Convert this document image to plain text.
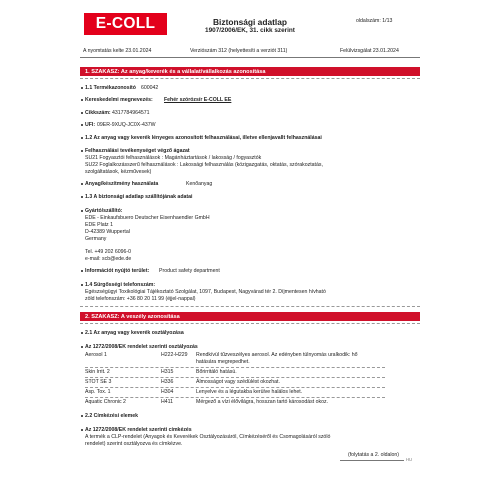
E-COLL	Biztonsági adatlap
1907/2006/EK, 31. cikk szerint
oldalszám: 1/13
A nyomtatás kelte 23.01.2024	Verziószám 312 (helyettesíti a verziót 311)	Felülvizsgálat 23.01.2024
1. SZAKASZ: Az anyag/keverék és a vállalat/vállalkozás azonosítása
1.1 Termékazonosító 600042
Kereskedelmi megnevezés: Fehér szórózsír E-COLL EE
Cikkszám: 4317784964571
UFI: 09ER-9XUQ-JC0X-437W
1.2 Az anyag vagy keverék lényeges azonosított felhasználásai, illetve ellenjavallt felhasználásai
Felhasználási tevékenységet végző ágazat
SU21 Fogyasztói felhasználások : Magánháztartások / lakosság / fogyasztók
SU22 Foglalkozásszerű felhasználások : Lakossági felhasználás (közigazgatás, oktatás, szórakoztatás,
szolgáltatások, kézművesek)
Anyag/készítmény használata	Kenőanyag
1.3 A biztonsági adatlap szállítójának adatai
Gyártó/szállító:
EDE - Einkaufsbuero Deutscher Eisenhaendler GmbH
EDE Platz 1
D-42389 Wuppertal
Germany
Tel. +49 202 6096-0
e-mail: scb@ede.de
Információt nyújtó terület: Product safety department
1.4 Sürgősségi telefonszám:
Egészségügyi Toxikológiai Tájékoztató Szolgálat, 1097, Budapest, Nagyvárad tér 2. Díjmentesen hívható
zöld telefonszám: +36 80 20 11 99 (éjjel-nappal)
2. SZAKASZ: A veszély azonosítása
2.1 Az anyag vagy keverék osztályozása
Az 1272/2008/EK rendelet szerinti osztályozás
Aerosol 1	H222-H229 Rendkívül tűzveszélyes aerosol. Az edényben túlnyomás uralkodik: hő
hatására megrepedhet.
Skin Irrit. 2	H315	Bőrirritáló hatású.
STOT SE 3	H336	Álmosságot vagy szédülést okozhat.
Asp. Tox. 1	H304	Lenyelve és a légutakba kerülve halálos lehet.
Aquatic Chronic 2	H411	Mérgező a vízi élővilágra, hosszan tartó károsodást okoz.
2.2 Címkézési elemek
Az 1272/2008/EK rendelet szerinti címkézés
A termék a CLP-rendelet (Anyagok és Keverékek Osztályozásáról, Címkézéséről és Csomagolásáról szóló
rendelet) szerint osztályozva és címkézve.
(folytatás a 2. oldalon)
HU
